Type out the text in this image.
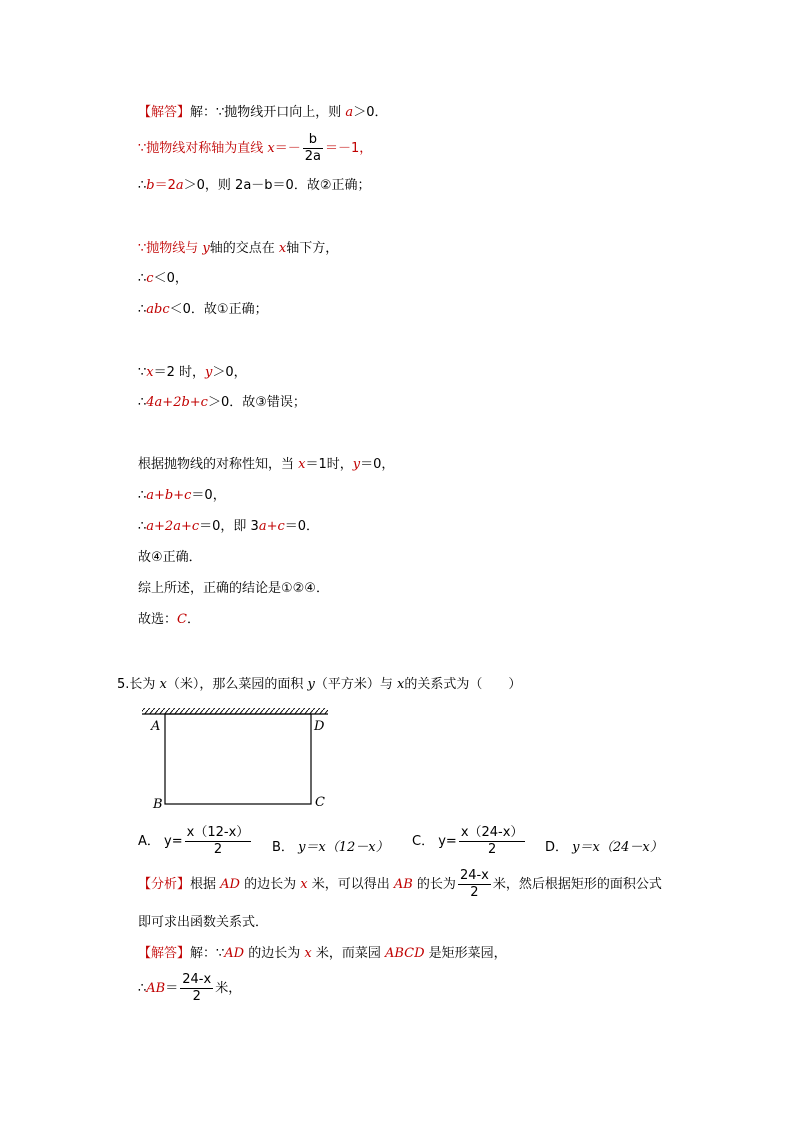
【解答】解：∵抛物线开口向上，则 a＞0．
∵抛物线对称轴为直线 $x=- \frac{b}{2a} =-1$，
∴b＝2a＞0，则 2a－b＝0．故②正确；
∵抛物线与 y轴的交点在 x轴下方，
∴c＜0，
∴abc＜0．故①正确；
∵x＝2 时，y＞0，
∴4a+2b+c＞0．故③错误；
根据抛物线的对称性知，当 x＝1时，y＝0，
∴a+b+c＝0，
∴a+2a+c＝0，即 3a+c＝0．
故④正确．
综上所述，正确的结论是①②④．
故选：C．
5.长为 x（米），那么菜园的面积 y（平方米）与 x的关系式为（　　）
A	D
B	C
A． $y= \frac{x(12-x)}{2}$ B． y＝x（12－x） C． $y= \frac{x(24-x)}{2}$ D． y＝x（24－x）
【分析】根据 AD 的边长为 x 米，可以得出 AB 的长为 $\frac{24-x}{2}$ 米，然后根据矩形的面积公式
即可求出函数关系式．
【解答】解：∵AD 的边长为 x 米，而菜园 ABCD 是矩形菜园，
∴AB＝ $\frac{24-x}{2}$ 米，
